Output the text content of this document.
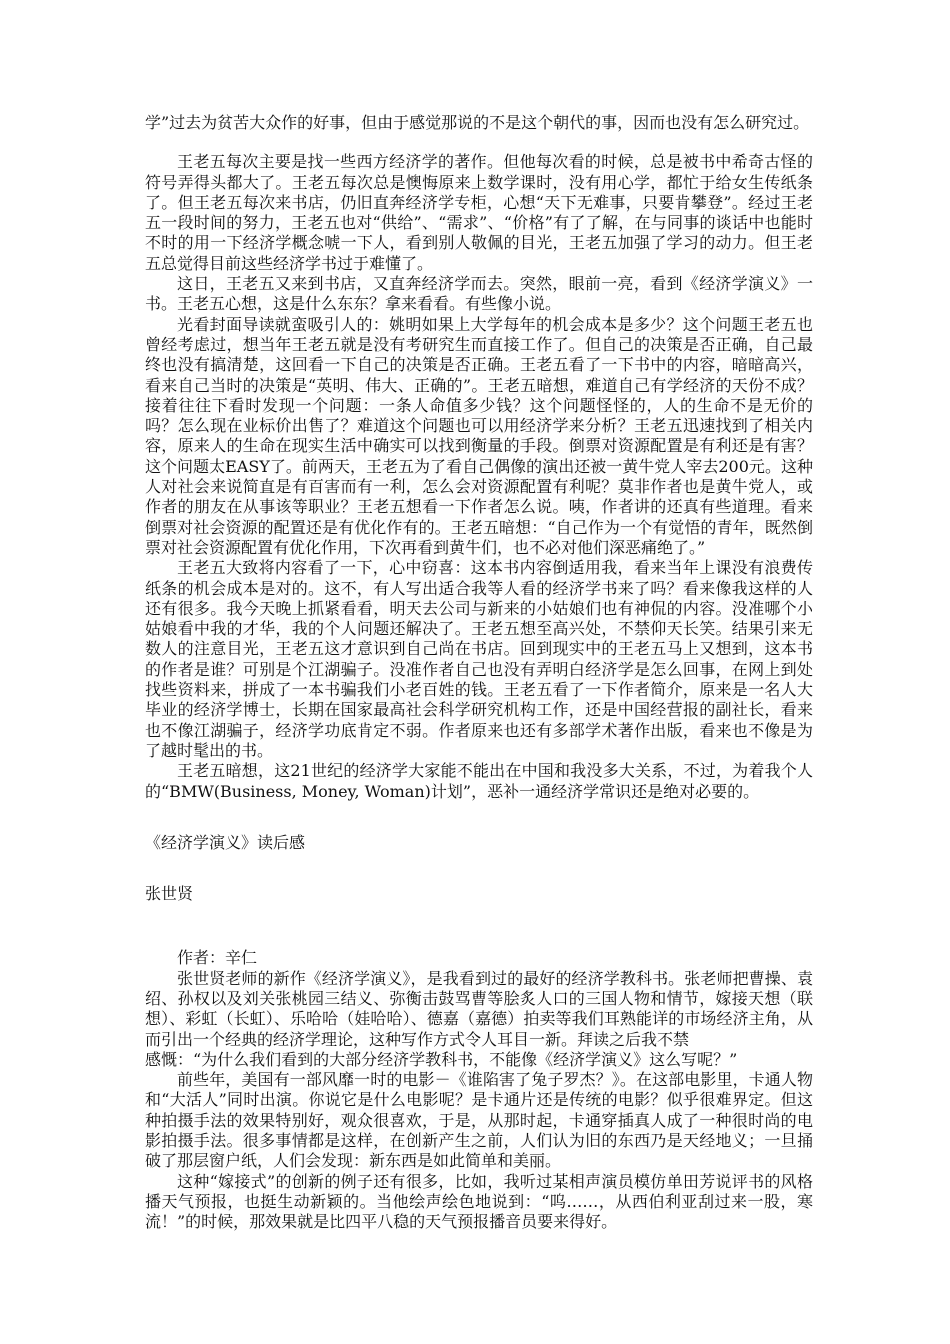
学”过去为贫苦大众作的好事，但由于感觉那说的不是这个朝代的事，因而也没有怎么研究过。

王老五每次主要是找一些西方经济学的著作。但他每次看的时候，总是被书中希奇古怪的符号弄得头都大了。王老五每次总是懊悔原来上数学课时，没有用心学，都忙于给女生传纸条了。但王老五每次来书店，仍旧直奔经济学专柜，心想“天下无难事，只要肯攀登”。经过王老五一段时间的努力，王老五也对“供给”、“需求”、“价格”有了了解，在与同事的谈话中也能时不时的用一下经济学概念唬一下人，看到别人敬佩的目光，王老五加强了学习的动力。但王老五总觉得目前这些经济学书过于难懂了。

这日，王老五又来到书店，又直奔经济学而去。突然，眼前一亮，看到《经济学演义》一书。王老五心想，这是什么东东？拿来看看。有些像小说。

光看封面导读就蛮吸引人的：姚明如果上大学每年的机会成本是多少？这个问题王老五也曾经考虑过，想当年王老五就是没有考研究生而直接工作了。但自己的决策是否正确，自己最终也没有搞清楚，这回看一下自己的决策是否正确。王老五看了一下书中的内容，暗暗高兴，看来自己当时的决策是“英明、伟大、正确的”。王老五暗想，难道自己有学经济的天份不成？接着往往下看时发现一个问题：一条人命值多少钱？这个问题怪怪的，人的生命不是无价的吗？怎么现在业标价出售了？难道这个问题也可以用经济学来分析？王老五迅速找到了相关内容，原来人的生命在现实生活中确实可以找到衡量的手段。倒票对资源配置是有利还是有害？这个问题太EASY了。前两天，王老五为了看自己偶像的演出还被一黄牛党人宰去200元。这种人对社会来说简直是有百害而有一利，怎么会对资源配置有利呢？莫非作者也是黄牛党人，或作者的朋友在从事该等职业？王老五想看一下作者怎么说。咦，作者讲的还真有些道理。看来倒票对社会资源的配置还是有优化作有的。王老五暗想：“自己作为一个有觉悟的青年，既然倒票对社会资源配置有优化作用，下次再看到黄牛们，也不必对他们深恶痛绝了。”

王老五大致将内容看了一下，心中窃喜：这本书内容倒适用我，看来当年上课没有浪费传纸条的机会成本是对的。这不，有人写出适合我等人看的经济学书来了吗？看来像我这样的人还有很多。我今天晚上抓紧看看，明天去公司与新来的小姑娘们也有神侃的内容。没准哪个小姑娘看中我的才华，我的个人问题还解决了。王老五想至高兴处，不禁仰天长笑。结果引来无数人的注意目光，王老五这才意识到自己尚在书店。回到现实中的王老五马上又想到，这本书的作者是谁？可别是个江湖骗子。没准作者自己也没有弄明白经济学是怎么回事，在网上到处找些资料来，拼成了一本书骗我们小老百姓的钱。王老五看了一下作者简介，原来是一名人大毕业的经济学博士，长期在国家最高社会科学研究机构工作，还是中国经营报的副社长，看来也不像江湖骗子，经济学功底肯定不弱。作者原来也还有多部学术著作出版，看来也不像是为了越时髦出的书。

王老五暗想，这21世纪的经济学大家能不能出在中国和我没多大关系，不过，为着我个人的“BMW(Business, Money, Woman)计划”，恶补一通经济学常识还是绝对必要的。

《经济学演义》读后感

张世贤

作者：辛仁

张世贤老师的新作《经济学演义》，是我看到过的最好的经济学教科书。张老师把曹操、袁绍、孙权以及刘关张桃园三结义、弥衡击鼓骂曹等脍炙人口的三国人物和情节，嫁接天想（联想）、彩虹（长虹）、乐哈哈（娃哈哈）、德嘉（嘉德）拍卖等我们耳熟能详的市场经济主角，从而引出一个经典的经济学理论，这种写作方式令人耳目一新。拜读之后我不禁

感慨：“为什么我们看到的大部分经济学教科书，不能像《经济学演义》这么写呢？”

前些年，美国有一部风靡一时的电影－《谁陷害了兔子罗杰？》。在这部电影里，卡通人物和“大活人”同时出演。你说它是什么电影呢？是卡通片还是传统的电影？似乎很难界定。但这种拍摄手法的效果特别好，观众很喜欢，于是，从那时起，卡通穿插真人成了一种很时尚的电影拍摄手法。很多事情都是这样，在创新产生之前，人们认为旧的东西乃是天经地义；一旦捅破了那层窗户纸，人们会发现：新东西是如此简单和美丽。

这种“嫁接式”的创新的例子还有很多，比如，我听过某相声演员模仿单田芳说评书的风格播天气预报，也挺生动新颖的。当他绘声绘色地说到：“呜……，从西伯利亚刮过来一股，寒流！”的时候，那效果就是比四平八稳的天气预报播音员要来得好。
